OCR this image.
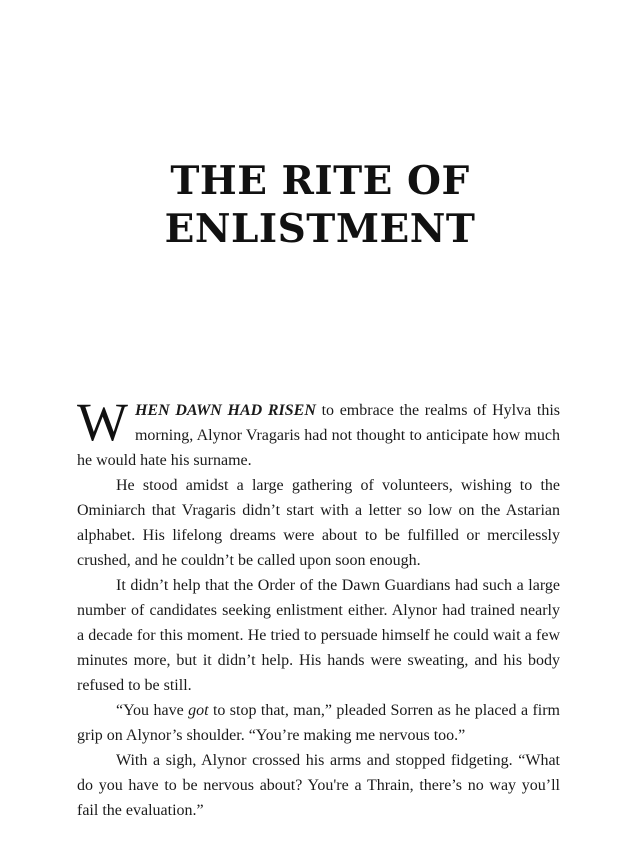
THE RITE OF
ENLISTMENT

WHEN DAWN HAD RISEN to embrace the realms of Hylva this morning, Alynor Vragaris had not thought to anticipate how much he would hate his surname.

He stood amidst a large gathering of volunteers, wishing to the Ominiarch that Vragaris didn’t start with a letter so low on the Astarian alphabet. His lifelong dreams were about to be fulfilled or mercilessly crushed, and he couldn’t be called upon soon enough.

It didn’t help that the Order of the Dawn Guardians had such a large number of candidates seeking enlistment either. Alynor had trained nearly a decade for this moment. He tried to persuade himself he could wait a few minutes more, but it didn’t help. His hands were sweating, and his body refused to be still.

“You have got to stop that, man,” pleaded Sorren as he placed a firm grip on Alynor’s shoulder. “You’re making me nervous too.”

With a sigh, Alynor crossed his arms and stopped fidgeting. “What do you have to be nervous about? You're a Thrain, there’s no way you’ll fail the evaluation.”
